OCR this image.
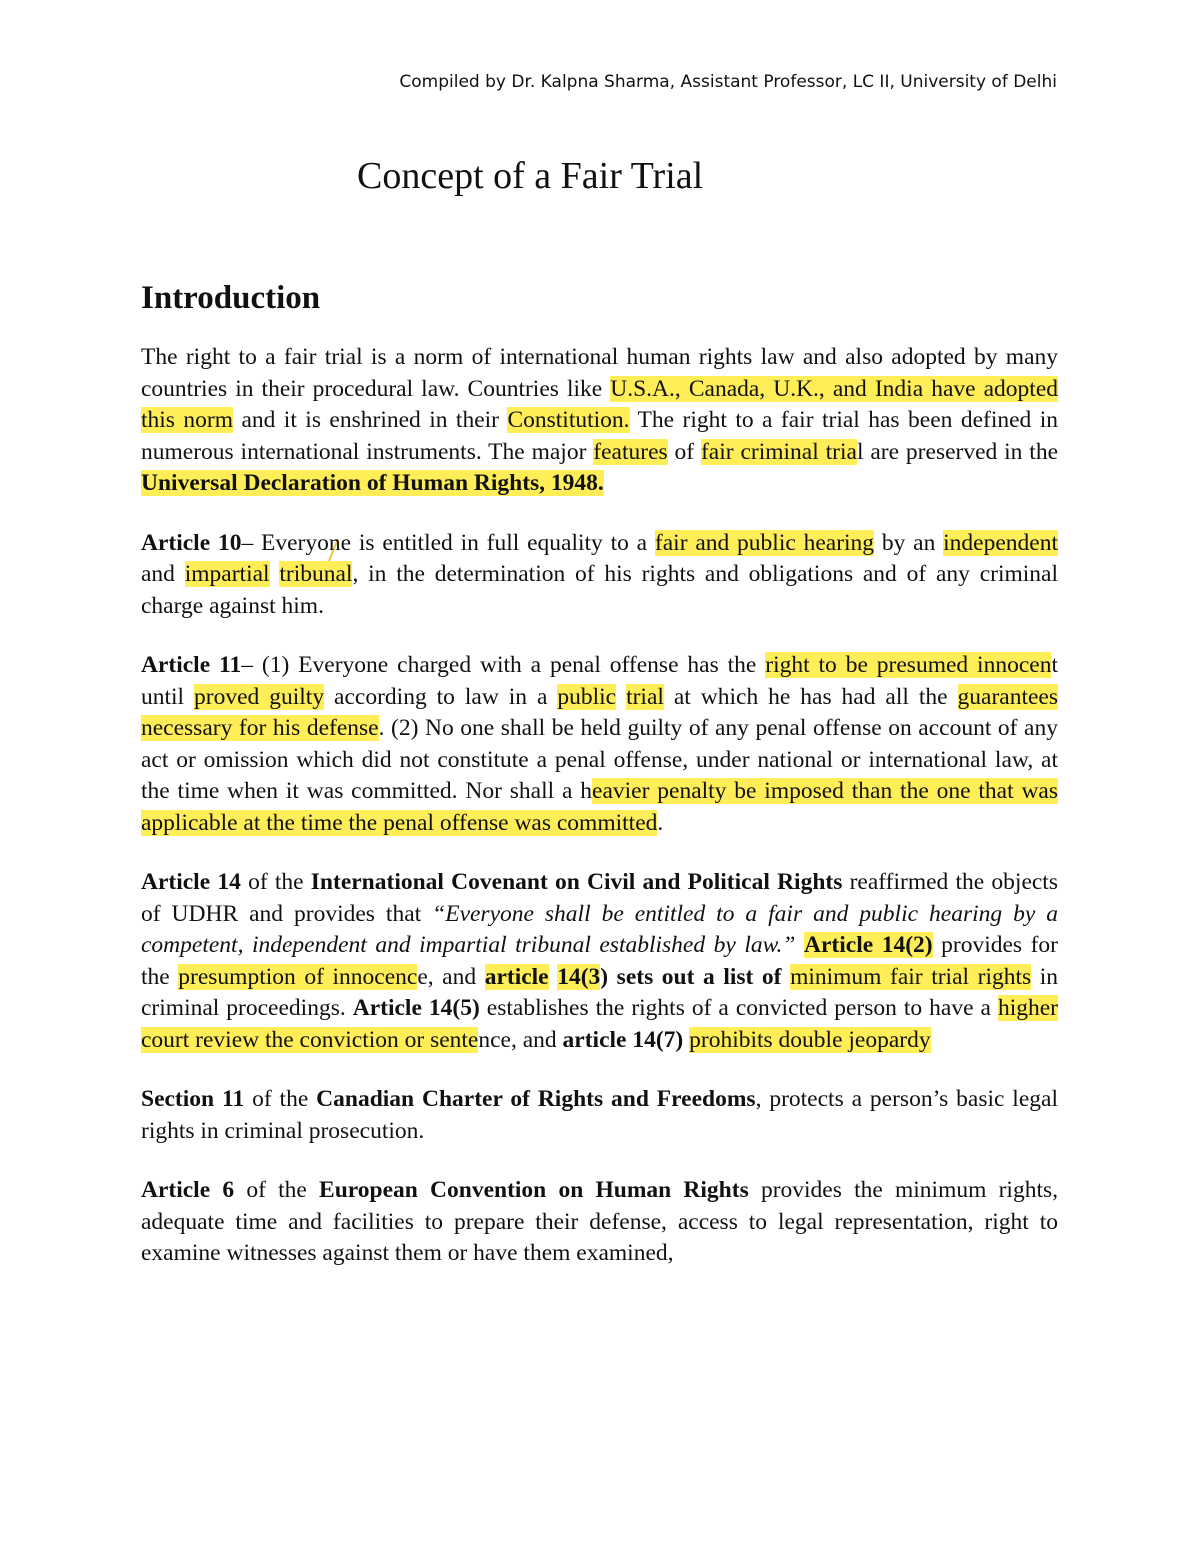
Compiled by Dr. Kalpna Sharma, Assistant Professor, LC II, University of Delhi
Concept of a Fair Trial
Introduction

The right to a fair trial is a norm of international human rights law and also adopted by many countries in their procedural law. Countries like U.S.A., Canada, U.K., and India have adopted this norm and it is enshrined in their Constitution. The right to a fair trial has been defined in numerous international instruments. The major features of fair criminal trial are preserved in the Universal Declaration of Human Rights, 1948.

Article 10– Everyone is entitled in full equality to a fair and public hearing by an independent and impartial tribunal, in the determination of his rights and obligations and of any criminal charge against him.

Article 11– (1) Everyone charged with a penal offense has the right to be presumed innocent until proved guilty according to law in a public trial at which he has had all the guarantees necessary for his defense. (2) No one shall be held guilty of any penal offense on account of any act or omission which did not constitute a penal offense, under national or international law, at the time when it was committed. Nor shall a heavier penalty be imposed than the one that was applicable at the time the penal offense was committed.

Article 14 of the International Covenant on Civil and Political Rights reaffirmed the objects of UDHR and provides that “Everyone shall be entitled to a fair and public hearing by a competent, independent and impartial tribunal established by law.” Article 14(2) provides for the presumption of innocence, and article 14(3) sets out a list of minimum fair trial rights in criminal proceedings. Article 14(5) establishes the rights of a convicted person to have a higher court review the conviction or sentence, and article 14(7) prohibits double jeopardy

Section 11 of the Canadian Charter of Rights and Freedoms, protects a person’s basic legal rights in criminal prosecution.

Article 6 of the European Convention on Human Rights provides the minimum rights, adequate time and facilities to prepare their defense, access to legal representation, right to examine witnesses against them or have them examined,
